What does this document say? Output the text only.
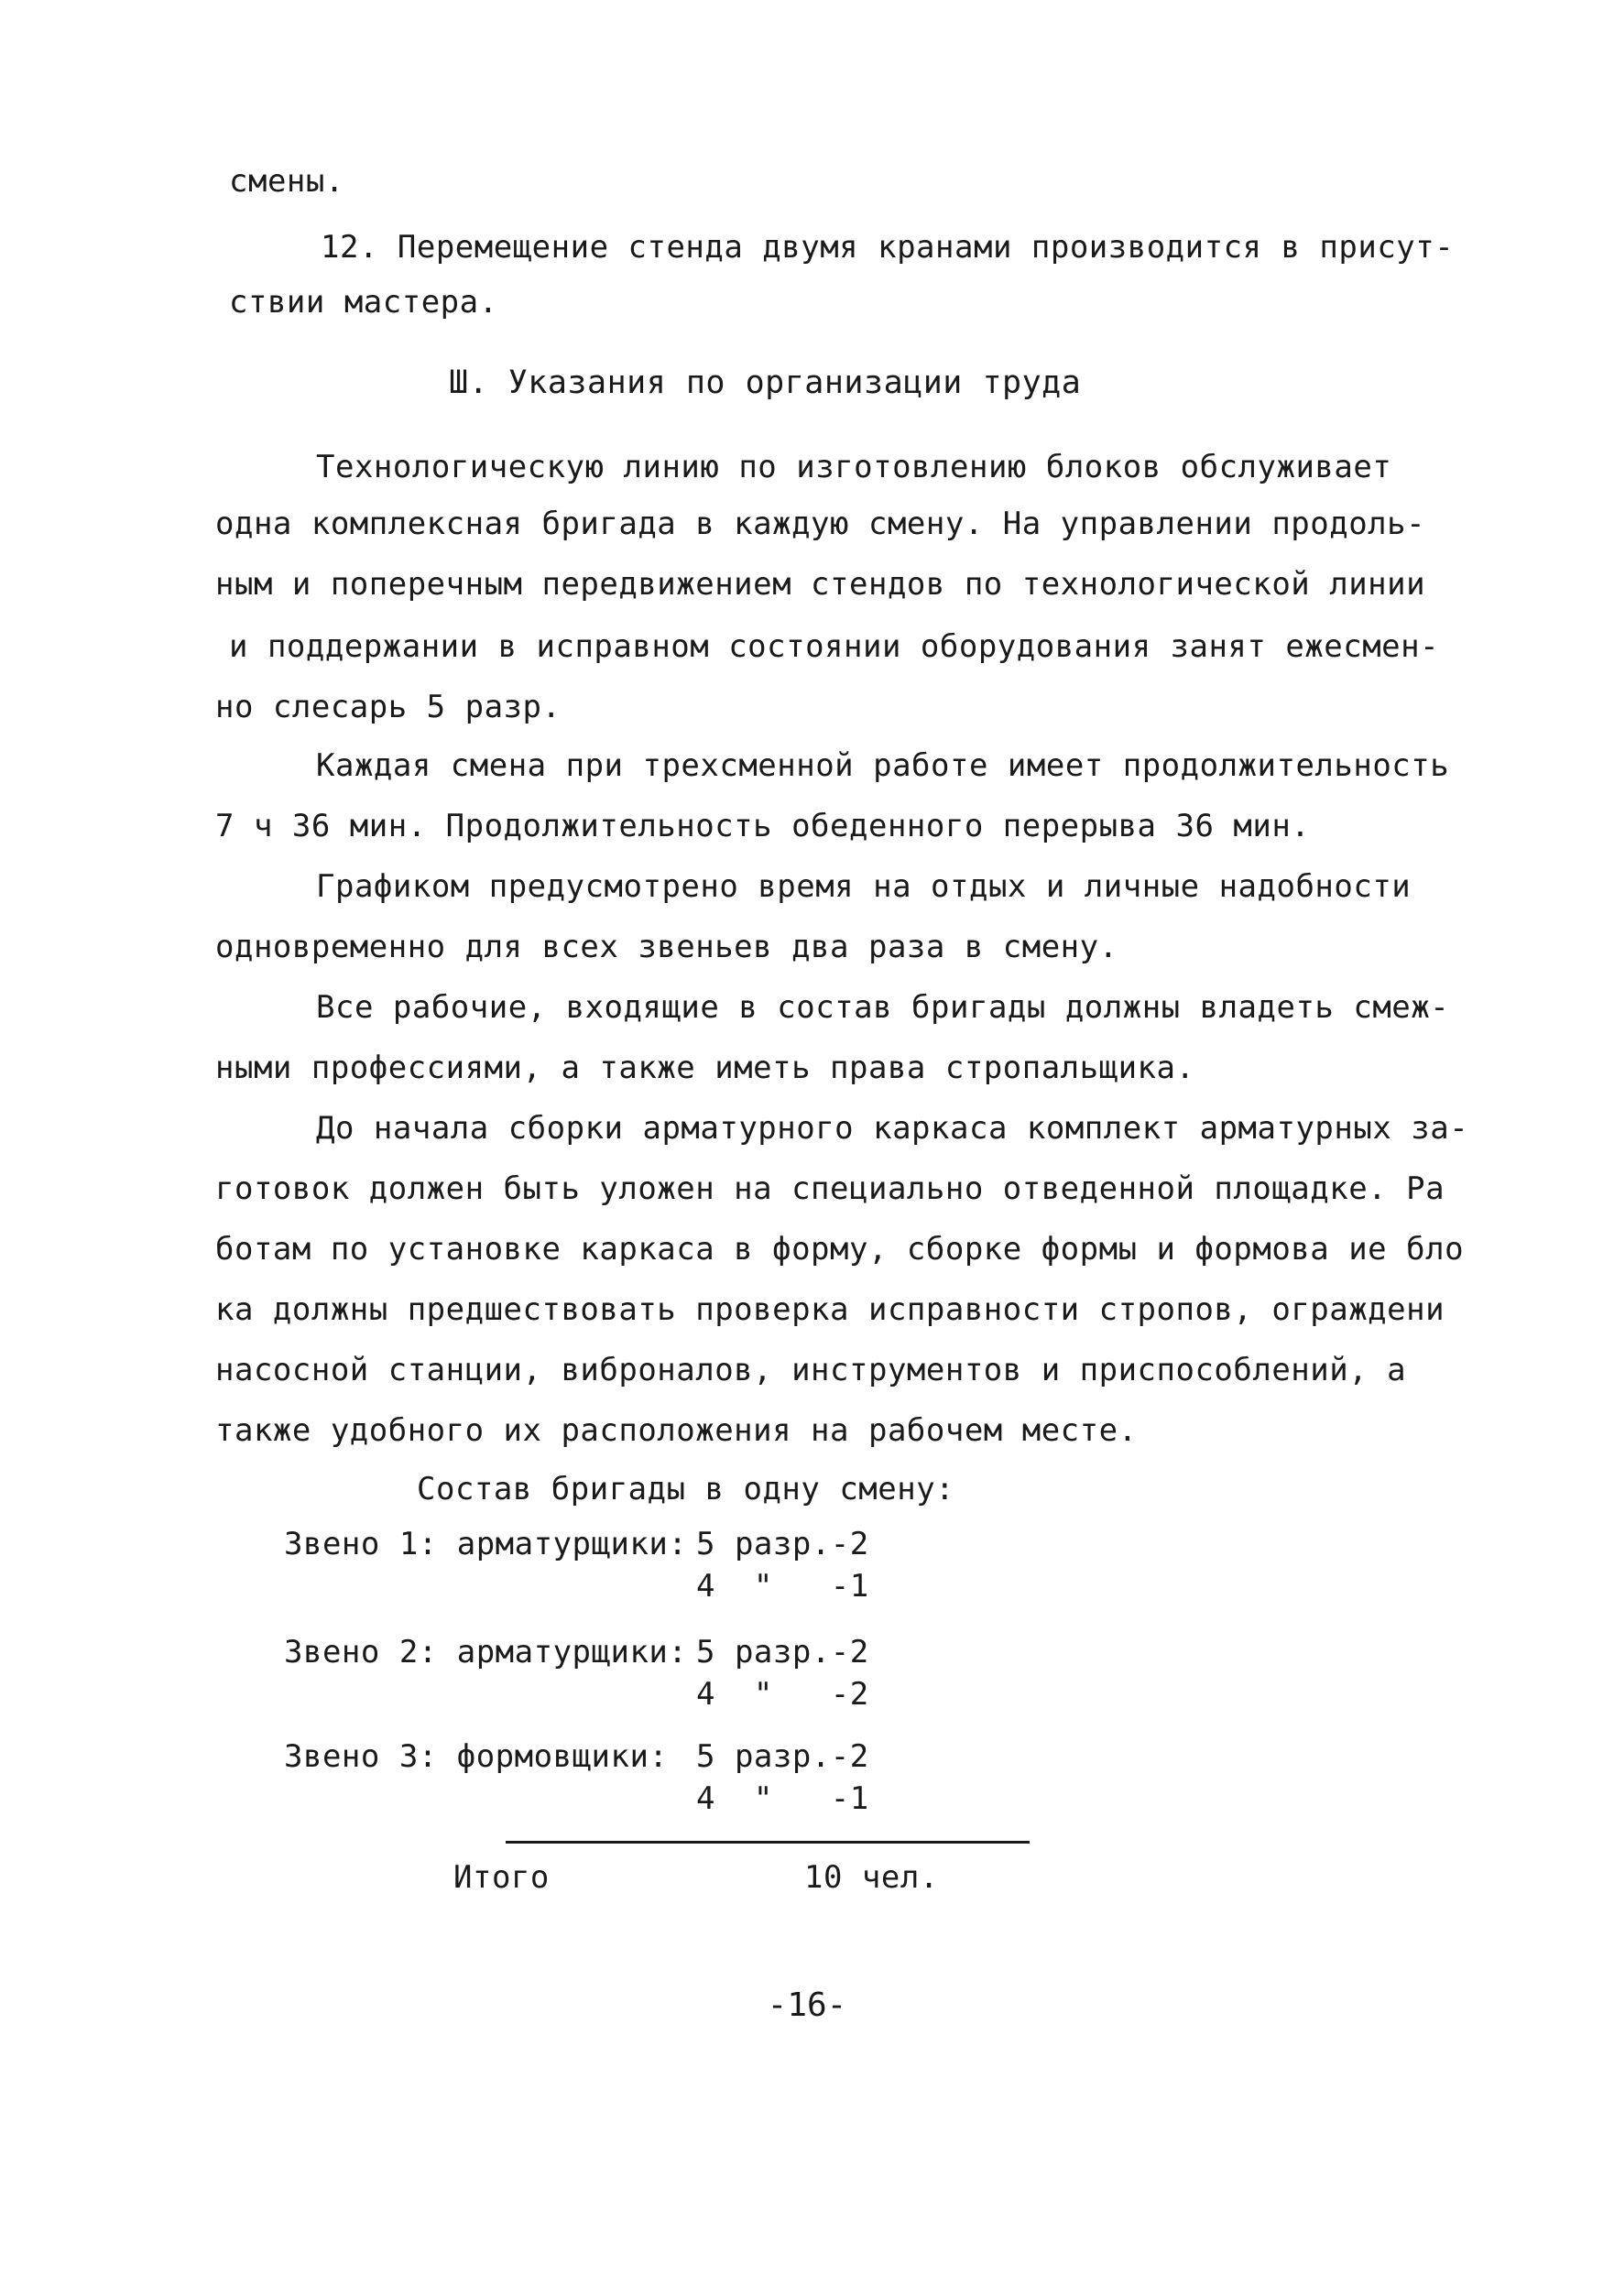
смены.
12. Перемещение стенда двумя кранами производится в присут-
ствии мастера.
Ш. Указания по организации труда
Технологическую линию по изготовлению блоков обслуживает
одна комплексная бригада в каждую смену. На управлении продоль-
ным и поперечным передвижением стендов по технологической линии
и поддержании в исправном состоянии оборудования занят ежесмен-
но слесарь 5 разр.
Каждая смена при трехсменной работе имеет продолжительность
7 ч 36 мин. Продолжительность обеденного перерыва 36 мин.
Графиком предусмотрено время на отдых и личные надобности
одновременно для всех звеньев два раза в смену.
Все рабочие, входящие в состав бригады должны владеть смеж-
ными профессиями, а также иметь права стропальщика.
До начала сборки арматурного каркаса комплект арматурных за-
готовок должен быть уложен на специально отведенной площадке. Ра
ботам по установке каркаса в форму, сборке формы и формова ие бло
ка должны предшествовать проверка исправности стропов, ограждени
насосной станции, виброналов, инструментов и приспособлений, а
также удобного их расположения на рабочем месте.
Состав бригады в одну смену:
Звено 1: арматурщики: 5 разр.-2
4  "   -1
Звено 2: арматурщики: 5 разр.-2
4  "   -2
Звено 3: формовщики: 5 разр.-2
4  "   -1
Итого	10 чел.
-16-
